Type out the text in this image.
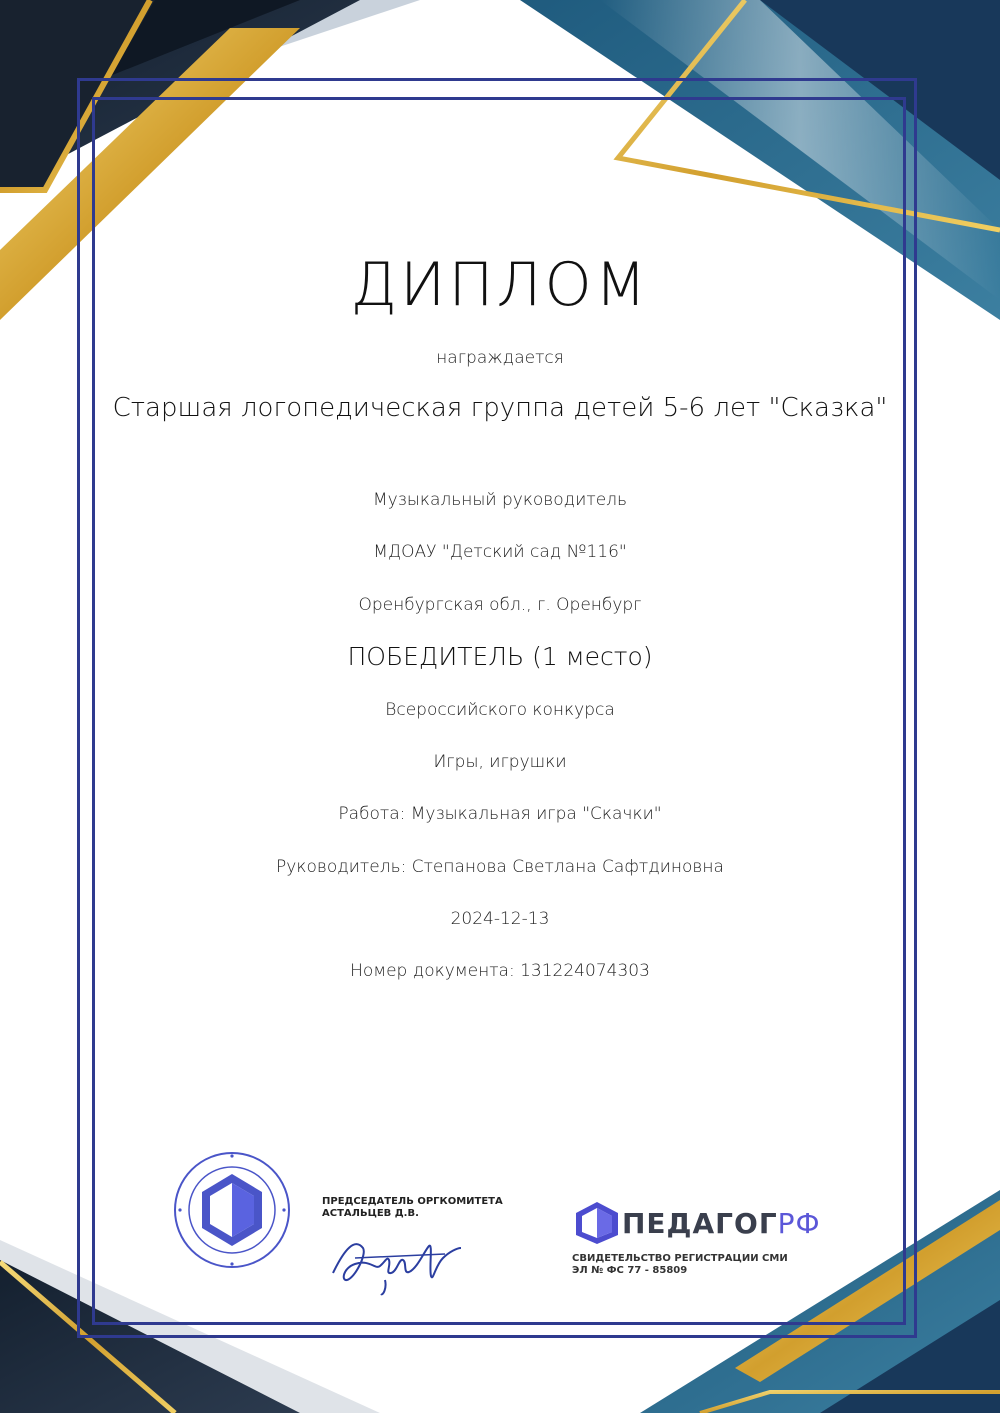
ДИПЛОМ
награждается
Старшая логопедическая группа детей 5-6 лет "Сказка"
Музыкальный руководитель
МДОАУ "Детский сад №116"
Оренбургская обл., г. Оренбург
ПОБЕДИТЕЛЬ (1 место)
Всероссийского конкурса
Игры, игрушки
Работа: Музыкальная игра "Скачки"
Руководитель: Степанова Светлана Сафтдиновна
2024-12-13
Номер документа: 131224074303
ПРЕДСЕДАТЕЛЬ ОРГКОМИТЕТА
АСТАЛЬЦЕВ Д.В.	ПЕДАГОГРФ
СВИДЕТЕЛЬСТВО РЕГИСТРАЦИИ СМИ
ЭЛ № ФС 77 - 85809
